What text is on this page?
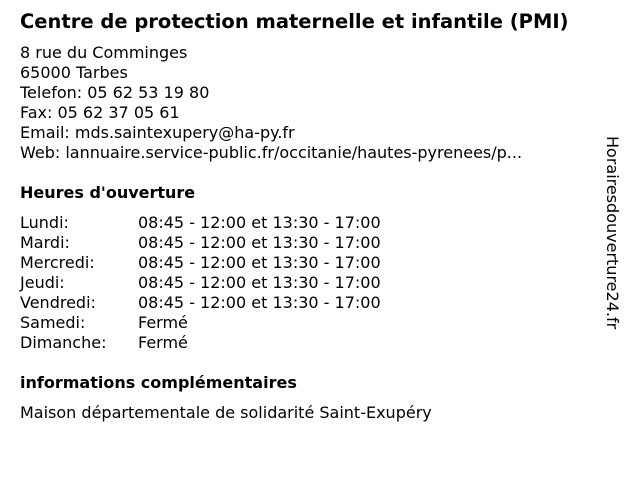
Centre de protection maternelle et infantile (PMI)
8 rue du Comminges
65000 Tarbes
Telefon: 05 62 53 19 80
Fax: 05 62 37 05 61
Email: mds.saintexupery@ha-py.fr
Web: lannuaire.service-public.fr/occitanie/hautes-pyrenees/p...
Heures d'ouverture
Lundi:	08:45 - 12:00 et 13:30 - 17:00
Mardi:	08:45 - 12:00 et 13:30 - 17:00
Mercredi:	08:45 - 12:00 et 13:30 - 17:00
Jeudi:	08:45 - 12:00 et 13:30 - 17:00
Vendredi:	08:45 - 12:00 et 13:30 - 17:00
Samedi:	Fermé
Dimanche: Fermé
informations complémentaires
Maison départementale de solidarité Saint-Exupéry
Horairesdouverture24.fr
